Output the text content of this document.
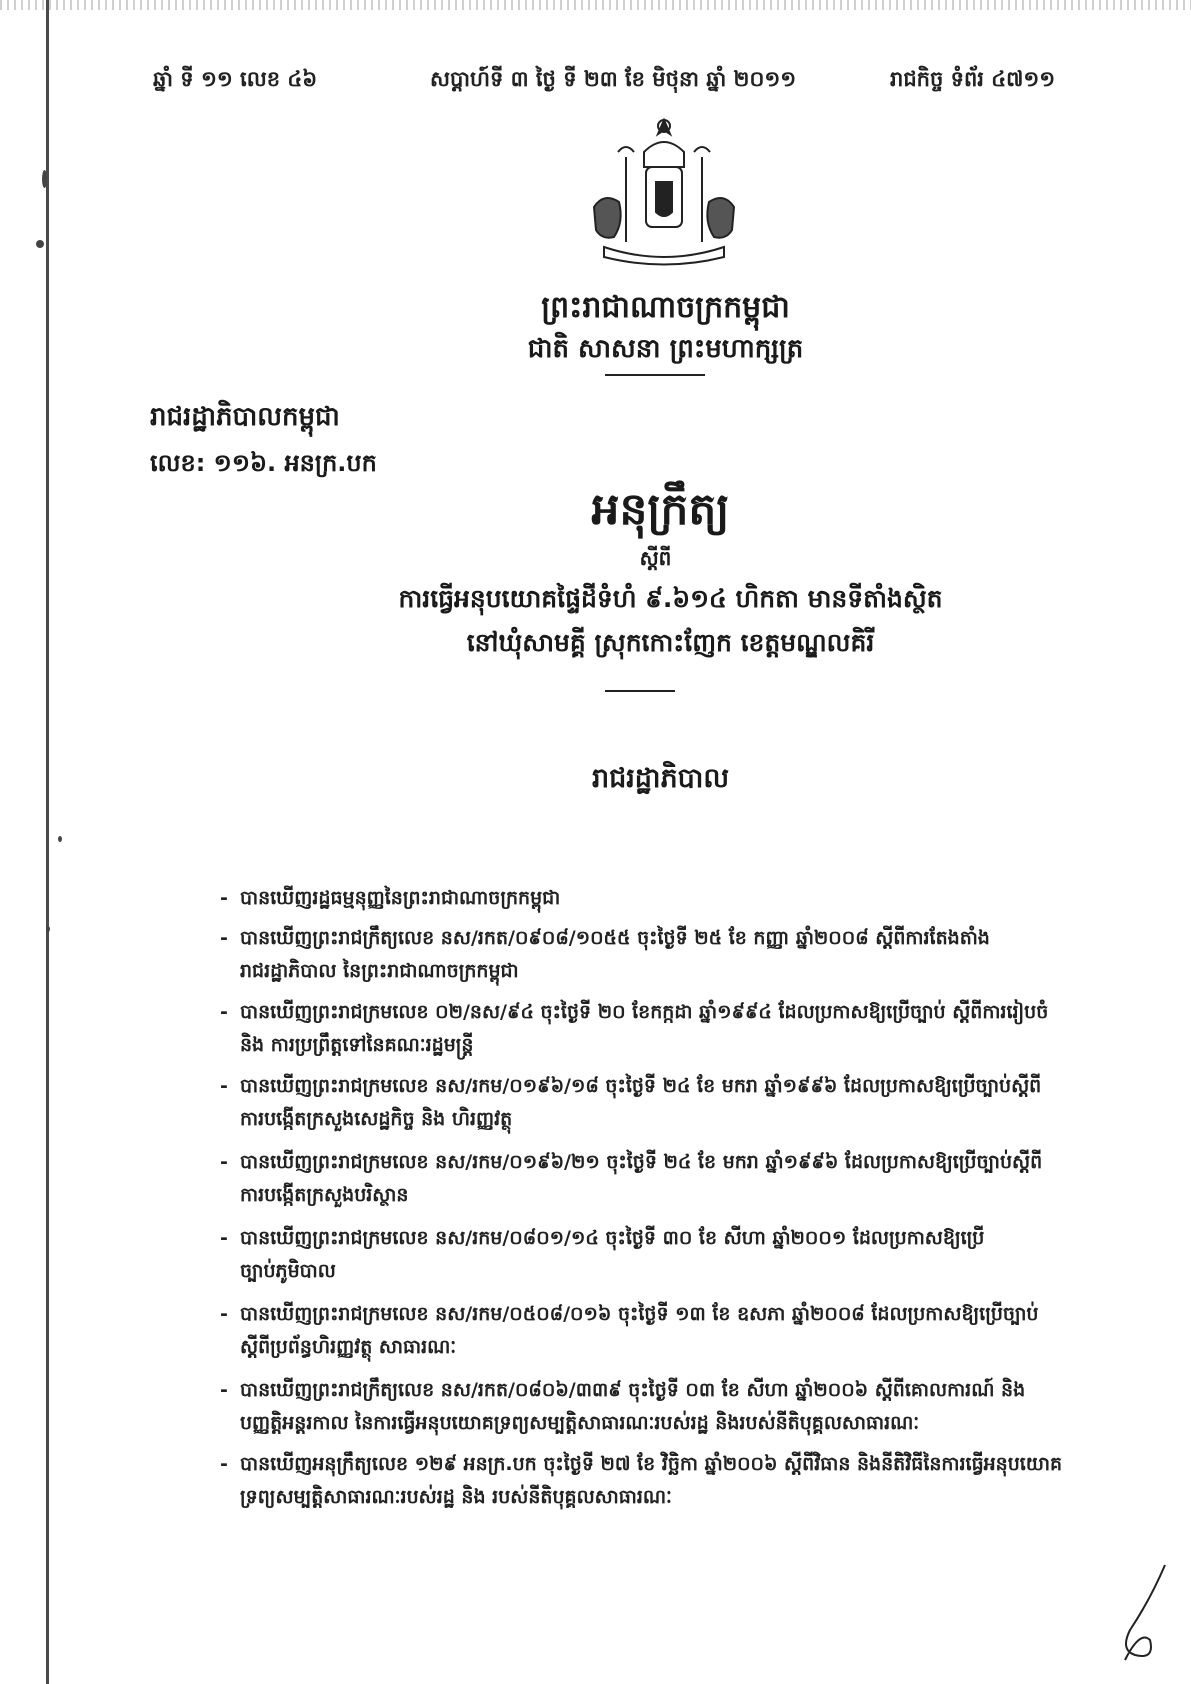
ឆ្នាំ ទី ១១ លេខ ៤៦	សប្តាហ៍ទី ៣ ថ្ងៃ ទី ២៣ ខែ មិថុនា ឆ្នាំ ២០១១	រាជកិច្ច ទំព័រ ៤៧១១
ព្រះរាជាណាចក្រកម្ពុជា
ជាតិ សាសនា ព្រះមហាក្សត្រ
រាជរដ្ឋាភិបាលកម្ពុជា
លេខ: ១១៦. អនក្រ.បក
អនុក្រឹត្យ
ស្តីពី
ការធ្វើអនុបយោគផ្ទៃដីទំហំ ៩.៦១៤ ហិកតា មានទីតាំងស្ថិត
នៅឃុំសាមគ្គី ស្រុកកោះញែក ខេត្តមណ្ឌលគិរី
រាជរដ្ឋាភិបាល
- បានឃើញរដ្ឋធម្មនុញ្ញនៃព្រះរាជាណាចក្រកម្ពុជា
- បានឃើញព្រះរាជក្រឹត្យលេខ នស/រកត/០៩០៨/១០៥៥ ចុះថ្ងៃទី ២៥ ខែ កញ្ញា ឆ្នាំ២០០៨ ស្តីពីការតែងតាំង
រាជរដ្ឋាភិបាល នៃព្រះរាជាណាចក្រកម្ពុជា
- បានឃើញព្រះរាជក្រមលេខ ០២/នស/៩៤ ចុះថ្ងៃទី ២០ ខែកក្កដា ឆ្នាំ១៩៩៤ ដែលប្រកាសឱ្យប្រើច្បាប់ ស្តីពីការរៀបចំ
និង ការប្រព្រឹត្តទៅនៃគណៈរដ្ឋមន្ត្រី
- បានឃើញព្រះរាជក្រមលេខ នស/រកម/០១៩៦/១៨ ចុះថ្ងៃទី ២៤ ខែ មករា ឆ្នាំ១៩៩៦ ដែលប្រកាសឱ្យប្រើច្បាប់ស្តីពី
ការបង្កើតក្រសួងសេដ្ឋកិច្ច និង ហិរញ្ញវត្ថុ
- បានឃើញព្រះរាជក្រមលេខ នស/រកម/០១៩៦/២១ ចុះថ្ងៃទី ២៤ ខែ មករា ឆ្នាំ១៩៩៦ ដែលប្រកាសឱ្យប្រើច្បាប់ស្តីពី
ការបង្កើតក្រសួងបរិស្ថាន
- បានឃើញព្រះរាជក្រមលេខ នស/រកម/០៨០១/១៤ ចុះថ្ងៃទី ៣០ ខែ សីហា ឆ្នាំ២០០១ ដែលប្រកាសឱ្យប្រើ
ច្បាប់ភូមិបាល
- បានឃើញព្រះរាជក្រមលេខ នស/រកម/០៥០៨/០១៦ ចុះថ្ងៃទី ១៣ ខែ ឧសភា ឆ្នាំ២០០៨ ដែលប្រកាសឱ្យប្រើច្បាប់
ស្តីពីប្រព័ន្ធហិរញ្ញវត្ថុ សាធារណៈ
- បានឃើញព្រះរាជក្រឹត្យលេខ នស/រកត/០៨០៦/៣៣៩ ចុះថ្ងៃទី ០៣ ខែ សីហា ឆ្នាំ២០០៦ ស្តីពីគោលការណ៍ និង
បញ្ញត្តិអន្តរកាល នៃការធ្វើអនុបយោគទ្រព្យសម្បត្តិសាធារណៈរបស់រដ្ឋ និងរបស់នីតិបុគ្គលសាធារណៈ
- បានឃើញអនុក្រឹត្យលេខ ១២៩ អនក្រ.បក ចុះថ្ងៃទី ២៧ ខែ វិច្ឆិកា ឆ្នាំ២០០៦ ស្តីពីវិធាន និងនីតិវិធីនៃការធ្វើអនុបយោគ
ទ្រព្យសម្បត្តិសាធារណៈរបស់រដ្ឋ និង របស់នីតិបុគ្គលសាធារណៈ
